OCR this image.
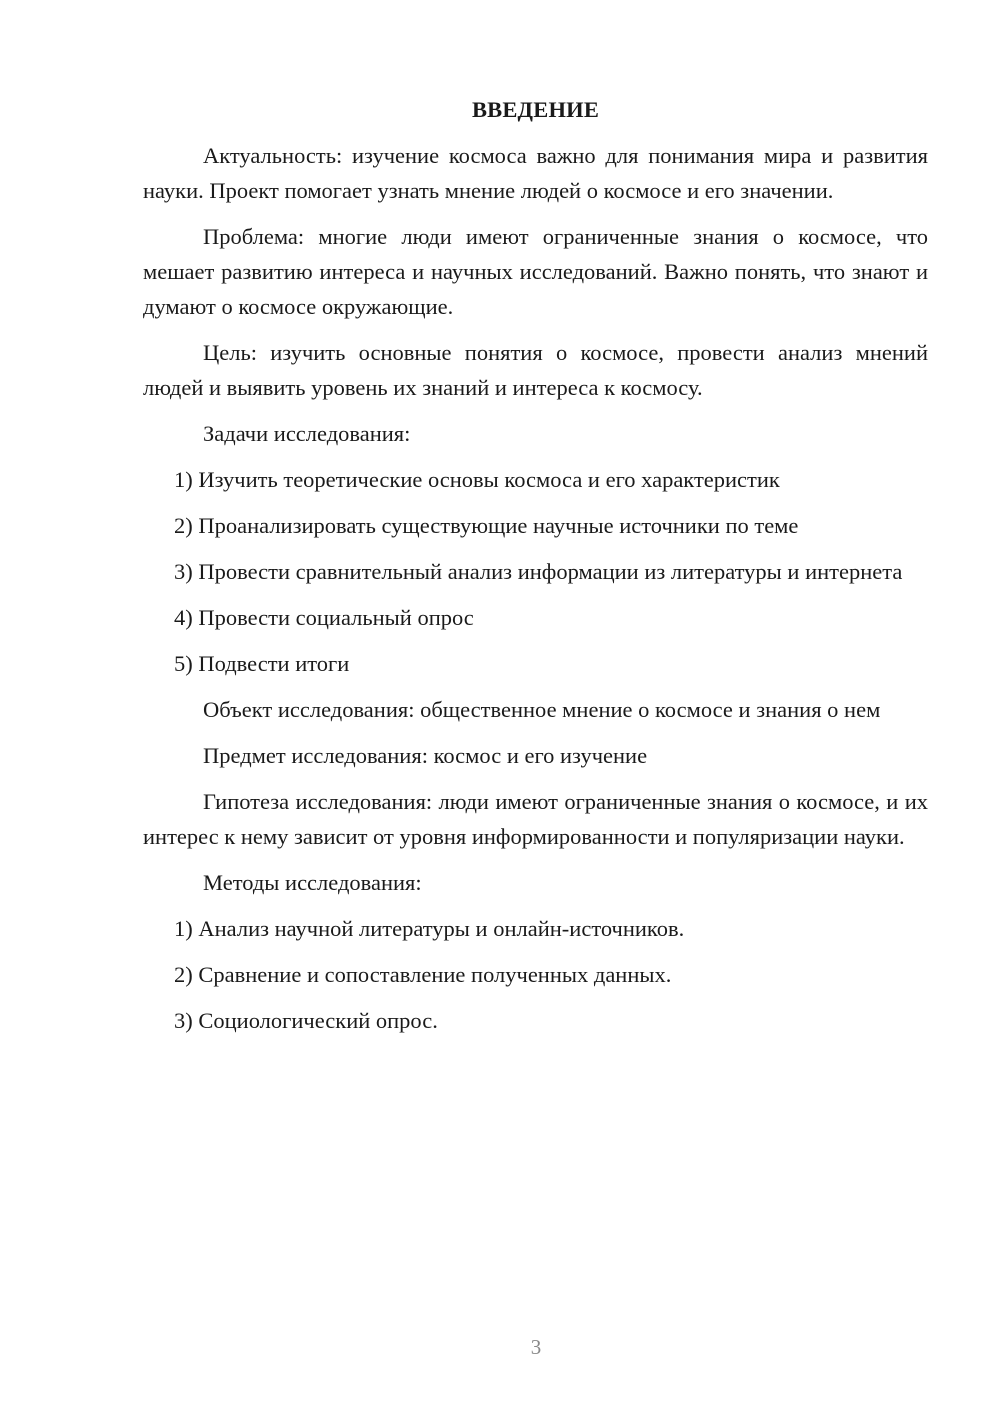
ВВЕДЕНИЕ

Актуальность: изучение космоса важно для понимания мира и развития науки. Проект помогает узнать мнение людей о космосе и его значении.

Проблема: многие люди имеют ограниченные знания о космосе, что мешает развитию интереса и научных исследований. Важно понять, что знают и думают о космосе окружающие.

Цель: изучить основные понятия о космосе, провести анализ мнений людей и выявить уровень их знаний и интереса к космосу.

Задачи исследования:

1) Изучить теоретические основы космоса и его характеристик

2) Проанализировать существующие научные источники по теме

3) Провести сравнительный анализ информации из литературы и интернета

4) Провести социальный опрос

5) Подвести итоги

Объект исследования: общественное мнение о космосе и знания о нем

Предмет исследования: космос и его изучение

Гипотеза исследования: люди имеют ограниченные знания о космосе, и их интерес к нему зависит от уровня информированности и популяризации науки.

Методы исследования:

1) Анализ научной литературы и онлайн-источников.

2) Сравнение и сопоставление полученных данных.

3) Социологический опрос.

3
